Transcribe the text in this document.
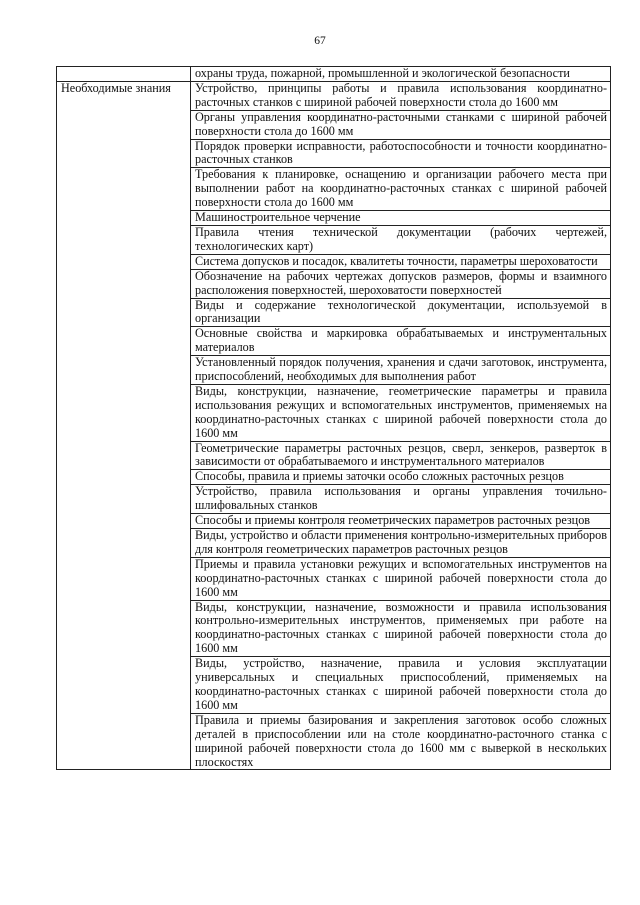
67
	охраны труда, пожарной, промышленной и экологической безопасности
Необходимые знания	Устройство, принципы работы и правила использования координатно-расточных станков с шириной рабочей поверхности стола до 1600 мм
	Органы управления координатно-расточными станками с шириной рабочей поверхности стола до 1600 мм
	Порядок проверки исправности, работоспособности и точности координатно-расточных станков
	Требования к планировке, оснащению и организации рабочего места при выполнении работ на координатно-расточных станках с шириной рабочей поверхности стола до 1600 мм
	Машиностроительное черчение
	Правила чтения технической документации (рабочих чертежей, технологических карт)
	Система допусков и посадок, квалитеты точности, параметры шероховатости
	Обозначение на рабочих чертежах допусков размеров, формы и взаимного расположения поверхностей, шероховатости поверхностей
	Виды и содержание технологической документации, используемой в организации
	Основные свойства и маркировка обрабатываемых и инструментальных материалов
	Установленный порядок получения, хранения и сдачи заготовок, инструмента, приспособлений, необходимых для выполнения работ
	Виды, конструкции, назначение, геометрические параметры и правила использования режущих и вспомогательных инструментов, применяемых на координатно-расточных станках с шириной рабочей поверхности стола до 1600 мм
	Геометрические параметры расточных резцов, сверл, зенкеров, разверток в зависимости от обрабатываемого и инструментального материалов
	Способы, правила и приемы заточки особо сложных расточных резцов
	Устройство, правила использования и органы управления точильно-шлифовальных станков
	Способы и приемы контроля геометрических параметров расточных резцов
	Виды, устройство и области применения контрольно-измерительных приборов для контроля геометрических параметров расточных резцов
	Приемы и правила установки режущих и вспомогательных инструментов на координатно-расточных станках с шириной рабочей поверхности стола до 1600 мм
	Виды, конструкции, назначение, возможности и правила использования контрольно-измерительных инструментов, применяемых при работе на координатно-расточных станках с шириной рабочей поверхности стола до 1600 мм
	Виды, устройство, назначение, правила и условия эксплуатации универсальных и специальных приспособлений, применяемых на координатно-расточных станках с шириной рабочей поверхности стола до 1600 мм
	Правила и приемы базирования и закрепления заготовок особо сложных деталей в приспособлении или на столе координатно-расточного станка с шириной рабочей поверхности стола до 1600 мм с выверкой в нескольких плоскостях
